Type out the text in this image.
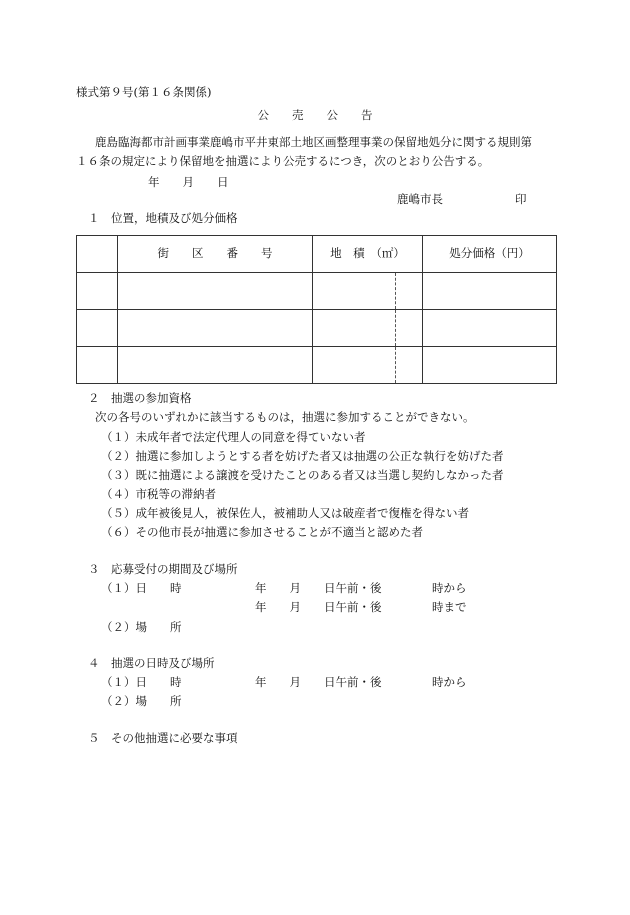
様式第９号(第１６条関係)
公　　売　　公　　告
鹿島臨海都市計画事業鹿嶋市平井東部土地区画整理事業の保留地処分に関する規則第
１６条の規定により保留地を抽選により公売するにつき，次のとおり公告する。
年　　月　　日
鹿嶋市長	印
１　位置，地積及び処分価格
	街　　区　　番　　号	地　積　（㎡）		処分価格（円）

２　抽選の参加資格
次の各号のいずれかに該当するものは，抽選に参加することができない。
（１）未成年者で法定代理人の同意を得ていない者
（２）抽選に参加しようとする者を妨げた者又は抽選の公正な執行を妨げた者
（３）既に抽選による譲渡を受けたことのある者又は当選し契約しなかった者
（４）市税等の滞納者
（５）成年被後見人，被保佐人，被補助人又は破産者で復権を得ない者
（６）その他市長が抽選に参加させることが不適当と認めた者
３　応募受付の期間及び場所
（１）日　　時	年　　月　　日午前・後	時から
年　　月　　日午前・後	時まで
（２）場　　所
４　抽選の日時及び場所
（１）日　　時	年　　月　　日午前・後	時から
（２）場　　所
５　その他抽選に必要な事項
